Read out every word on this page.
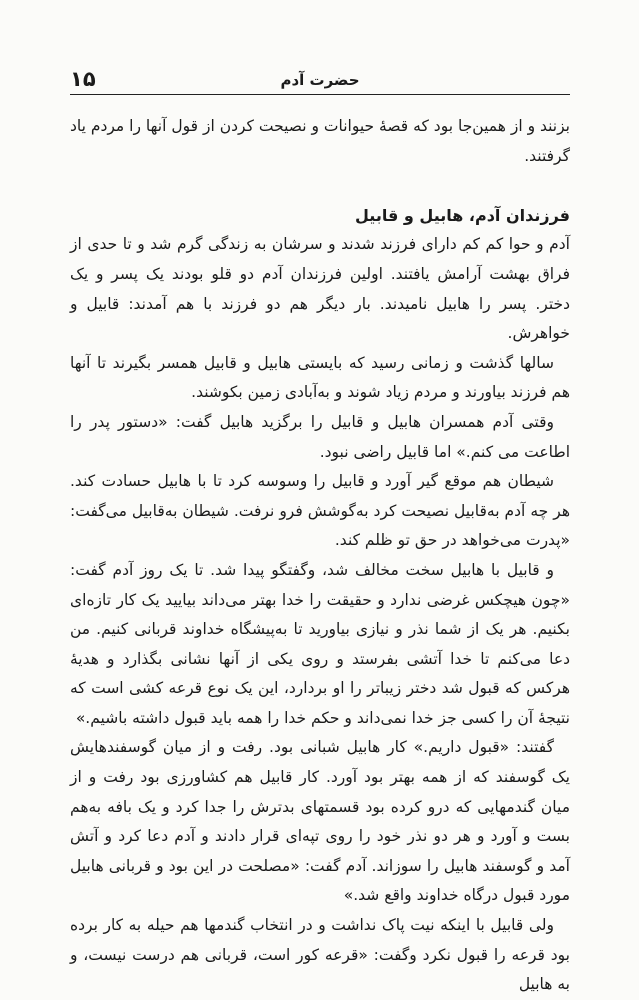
۱۵	حضرت آدم

بزنند و از همین‌جا بود که قصهٔ حیوانات و نصیحت کردن از قول آنها را مردم یاد گرفتند.

فرزندان آدم، هابیل و قابیل

آدم و حوا کم کم دارای فرزند شدند و سرشان به زندگی گرم شد و تا حدی از فراق بهشت آرامش یافتند. اولین فرزندان آدم دو قلو بودند یک پسر و یک دختر. پسر را هابیل نامیدند. بار دیگر هم دو فرزند با هم آمدند: قابیل و خواهرش.

سالها گذشت و زمانی رسید که بایستی هابیل و قابیل همسر بگیرند تا آنها هم فرزند بیاورند و مردم زیاد شوند و به‌آبادی زمین بکوشند.

وقتی آدم همسران هابیل و قابیل را برگزید هابیل گفت: «دستور پدر را اطاعت می کنم.» اما قابیل راضی نبود.

شیطان هم موقع گیر آورد و قابیل را وسوسه کرد تا با هابیل حسادت کند. هر چه آدم به‌قابیل نصیحت کرد به‌گوشش فرو نرفت. شیطان به‌قابیل می‌گفت: «پدرت می‌خواهد در حق تو ظلم کند.

و قابیل با هابیل سخت مخالف شد، وگفتگو پیدا شد. تا یک روز آدم گفت: «چون هیچکس غرضی ندارد و حقیقت را خدا بهتر می‌داند بیایید یک کار تازه‌ای بکنیم. هر یک از شما نذر و نیازی بیاورید تا به‌پیشگاه خداوند قربانی کنیم. من دعا می‌کنم تا خدا آتشی بفرستد و روی یکی از آنها نشانی بگذارد و هدیهٔ هرکس که قبول شد دختر زیباتر را او بردارد، این یک نوع قرعه کشی است که نتیجهٔ آن را کسی جز خدا نمی‌داند و حکم خدا را همه باید قبول داشته باشیم.»

گفتند: «قبول داریم.» کار هابیل شبانی بود. رفت و از میان گوسفندهایش یک گوسفند که از همه بهتر بود آورد. کار قابیل هم کشاورزی بود رفت و از میان گندمهایی که درو کرده بود قسمتهای بدترش را جدا کرد و یک بافه به‌هم بست و آورد و هر دو نذر خود را روی تپه‌ای قرار دادند و آدم دعا کرد و آتش آمد و گوسفند هابیل را سوزاند. آدم گفت: «مصلحت در این بود و قربانی هابیل مورد قبول درگاه خداوند واقع شد.»

ولی قابیل با اینکه نیت پاک نداشت و در انتخاب گندمها هم حیله به کار برده بود قرعه را قبول نکرد وگفت: «قرعه کور است، قربانی هم درست نیست، و به هابیل
